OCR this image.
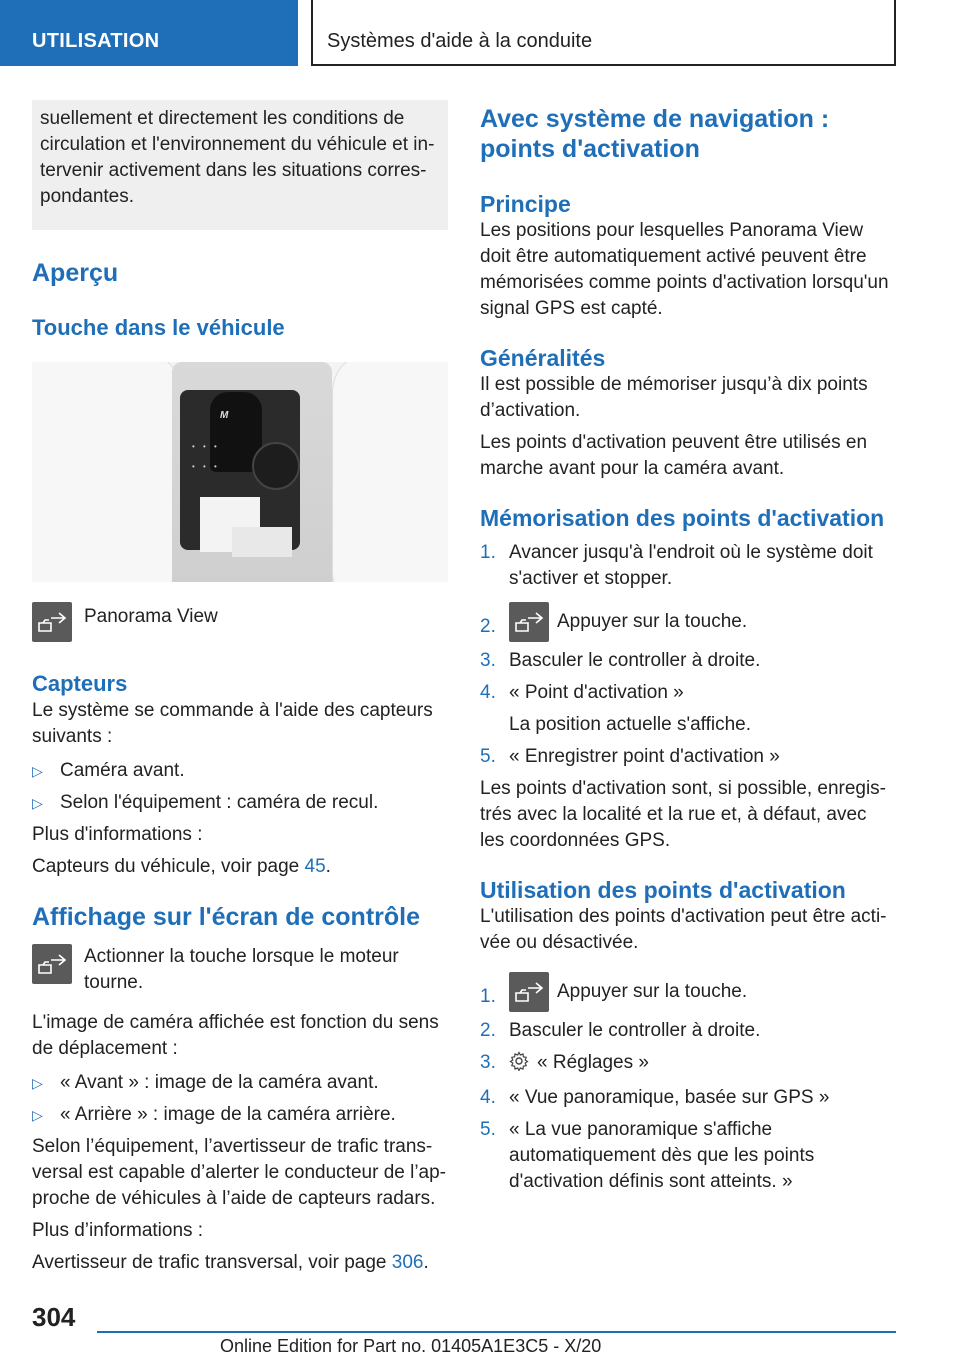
UTILISATION	Systèmes d'aide à la conduite

suellement et directement les conditions de circulation et l'environnement du véhicule et in-tervenir activement dans les situations corres-pondantes.

Aperçu
Touche dans le véhicule
M
• • •
• • •

Panorama View

Capteurs

Le système se commande à l'aide des capteurs suivants :

▷ Caméra avant.
▷ Selon l'équipement : caméra de recul.

Plus d'informations :

Capteurs du véhicule, voir page 45.

Affichage sur l'écran de contrôle

Actionner la touche lorsque le moteur tourne.

L'image de caméra affichée est fonction du sens de déplacement :

▷ « Avant » : image de la caméra avant.
▷ « Arrière » : image de la caméra arrière.

Selon l’équipement, l’avertisseur de trafic trans-versal est capable d’alerter le conducteur de l’ap-proche de véhicules à l’aide de capteurs radars.

Plus d’informations :

Avertisseur de trafic transversal, voir page 306.

Avec système de navigation : points d'activation
Principe

Les positions pour lesquelles Panorama View doit être automatiquement activé peuvent être mémorisées comme points d'activation lorsqu'un signal GPS est capté.

Généralités

Il est possible de mémoriser jusqu’à dix points d’activation.

Les points d'activation peuvent être utilisés en marche avant pour la caméra avant.

Mémorisation des points d'activation
1. Avancer jusqu'à l'endroit où le système doit s'activer et stopper.
2.	Appuyer sur la touche.
3. Basculer le controller à droite.
4. « Point d'activation »
La position actuelle s'affiche.
5. « Enregistrer point d'activation »

Les points d'activation sont, si possible, enregis-trés avec la localité et la rue et, à défaut, avec les coordonnées GPS.

Utilisation des points d'activation

L'utilisation des points d'activation peut être acti-vée ou désactivée.

1.	Appuyer sur la touche.
2. Basculer le controller à droite.
3. « Réglages »
4. « Vue panoramique, basée sur GPS »
5. « La vue panoramique s'affiche automatiquement dès que les points d'activation définis sont atteints. »
304
Online Edition for Part no. 01405A1E3C5 - X/20
